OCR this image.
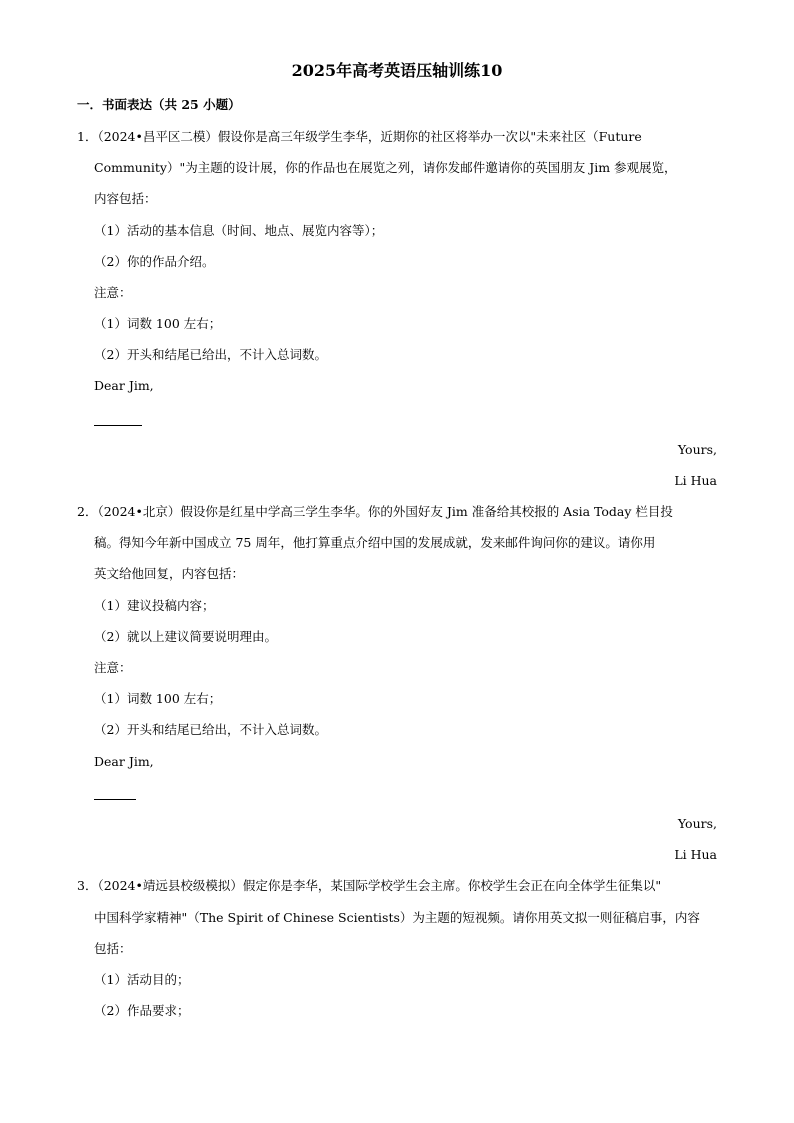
2025年高考英语压轴训练10
一．书面表达（共 25 小题）
1．（2024•昌平区二模）假设你是高三年级学生李华，近期你的社区将举办一次以"未来社区（Future
Community）"为主题的设计展，你的作品也在展览之列，请你发邮件邀请你的英国朋友 Jim 参观展览，
内容包括：
（1）活动的基本信息（时间、地点、展览内容等）；
（2）你的作品介绍。
注意：
（1）词数 100 左右；
（2）开头和结尾已给出，不计入总词数。
Dear Jim,
Yours,
Li Hua
2．（2024•北京）假设你是红星中学高三学生李华。你的外国好友 Jim 准备给其校报的 Asia Today 栏目投
稿。得知今年新中国成立 75 周年，他打算重点介绍中国的发展成就，发来邮件询问你的建议。请你用
英文给他回复，内容包括：
（1）建议投稿内容；
（2）就以上建议简要说明理由。
注意：
（1）词数 100 左右；
（2）开头和结尾已给出，不计入总词数。
Dear Jim,
Yours,
Li Hua
3．（2024•靖远县校级模拟）假定你是李华，某国际学校学生会主席。你校学生会正在向全体学生征集以"
中国科学家精神"（The Spirit of Chinese Scientists）为主题的短视频。请你用英文拟一则征稿启事，内容
包括：
（1）活动目的；
（2）作品要求；
